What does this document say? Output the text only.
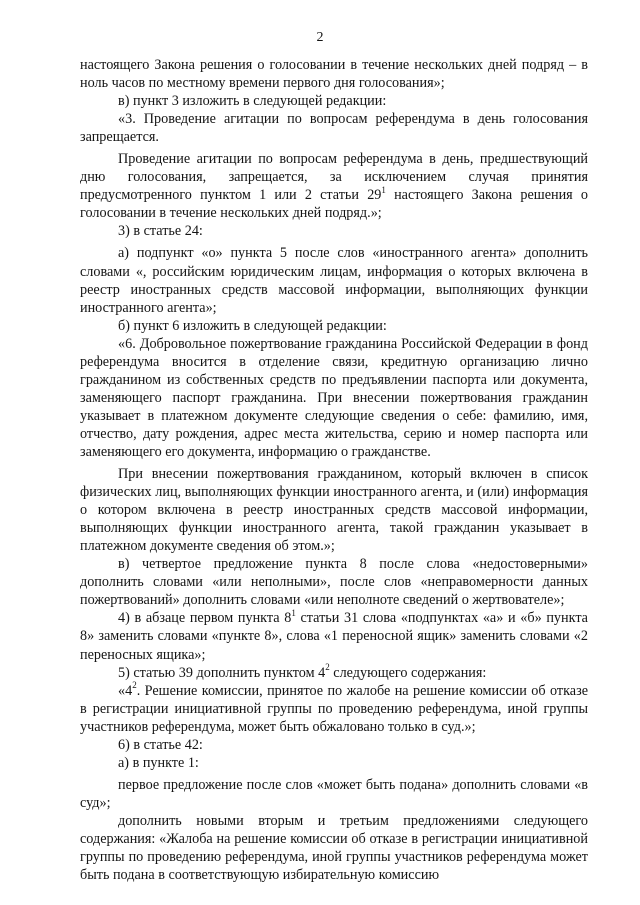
2

настоящего Закона решения о голосовании в течение нескольких дней подряд – в ноль часов по местному времени первого дня голосования»;

в) пункт 3 изложить в следующей редакции:

«3. Проведение агитации по вопросам референдума в день голосования запрещается.

Проведение агитации по вопросам референдума в день, предшествующий дню голосования, запрещается, за исключением случая принятия предусмотренного пунктом 1 или 2 статьи $29^1$ настоящего Закона решения о голосовании в течение нескольких дней подряд.»;

3) в статье 24:

а) подпункт «о» пункта 5 после слов «иностранного агента» дополнить словами «, российским юридическим лицам, информация о которых включена в реестр иностранных средств массовой информации, выполняющих функции иностранного агента»;

б) пункт 6 изложить в следующей редакции:

«6. Добровольное пожертвование гражданина Российской Федерации в фонд референдума вносится в отделение связи, кредитную организацию лично гражданином из собственных средств по предъявлении паспорта или документа, заменяющего паспорт гражданина. При внесении пожертвования гражданин указывает в платежном документе следующие сведения о себе: фамилию, имя, отчество, дату рождения, адрес места жительства, серию и номер паспорта или заменяющего его документа, информацию о гражданстве.

При внесении пожертвования гражданином, который включен в список физических лиц, выполняющих функции иностранного агента, и (или) информация о котором включена в реестр иностранных средств массовой информации, выполняющих функции иностранного агента, такой гражданин указывает в платежном документе сведения об этом.»;

в) четвертое предложение пункта 8 после слова «недостоверными» дополнить словами «или неполными», после слов «неправомерности данных пожертвований» дополнить словами «или неполноте сведений о жертвователе»;

4) в абзаце первом пункта $8^1$ статьи 31 слова «подпунктах «а» и «б» пункта 8» заменить словами «пункте 8», слова «1 переносной ящик» заменить словами «2 переносных ящика»;

5) статью 39 дополнить пунктом $4^2$ следующего содержания:

«$4^2$. Решение комиссии, принятое по жалобе на решение комиссии об отказе в регистрации инициативной группы по проведению референдума, иной группы участников референдума, может быть обжаловано только в суд.»;

6) в статье 42:

а) в пункте 1:

первое предложение после слов «может быть подана» дополнить словами «в суд»;

дополнить новыми вторым и третьим предложениями следующего содержания: «Жалоба на решение комиссии об отказе в регистрации инициативной группы по проведению референдума, иной группы участников референдума может быть подана в соответствующую избирательную комиссию
